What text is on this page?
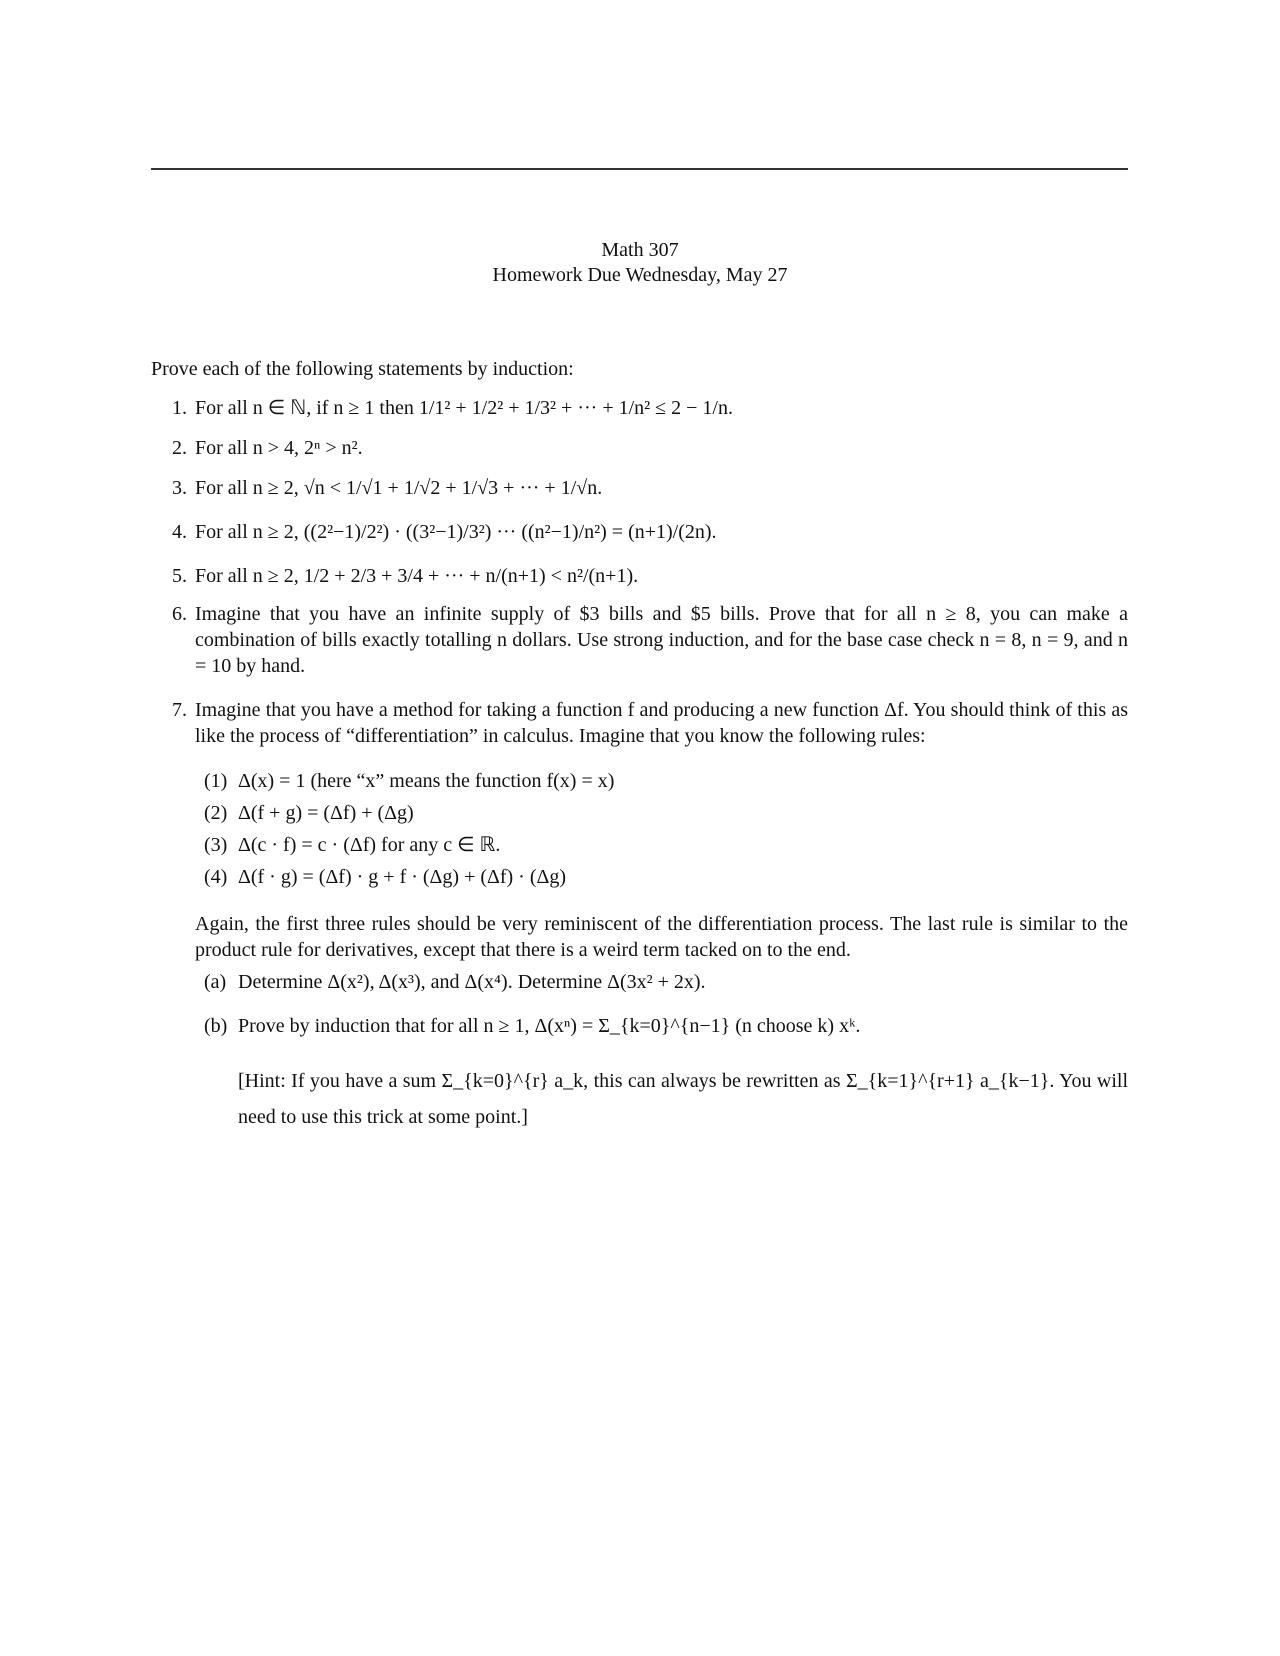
Math 307
Homework Due Wednesday, May 27
Prove each of the following statements by induction:
1. For all n ∈ ℕ, if n ≥ 1 then 1/1² + 1/2² + 1/3² + ··· + 1/n² ≤ 2 − 1/n.
2. For all n > 4, 2ⁿ > n².
3. For all n ≥ 2, √n < 1/√1 + 1/√2 + 1/√3 + ··· + 1/√n.
4. For all n ≥ 2, ((2²−1)/2²) · ((3²−1)/3²) ··· ((n²−1)/n²) = (n+1)/(2n).
5. For all n ≥ 2, 1/2 + 2/3 + 3/4 + ··· + n/(n+1) < n²/(n+1).
6. Imagine that you have an infinite supply of $3 bills and $5 bills. Prove that for all n ≥ 8, you can make a combination of bills exactly totalling n dollars. Use strong induction, and for the base case check n = 8, n = 9, and n = 10 by hand.
7. Imagine that you have a method for taking a function f and producing a new function Δf. You should think of this as like the process of “differentiation” in calculus. Imagine that you know the following rules:
(1) Δ(x) = 1 (here “x” means the function f(x) = x)
(2) Δ(f + g) = (Δf) + (Δg)
(3) Δ(c · f) = c · (Δf) for any c ∈ ℝ.
(4) Δ(f · g) = (Δf) · g + f · (Δg) + (Δf) · (Δg)
Again, the first three rules should be very reminiscent of the differentiation process. The last rule is similar to the product rule for derivatives, except that there is a weird term tacked on to the end.
(a) Determine Δ(x²), Δ(x³), and Δ(x⁴). Determine Δ(3x² + 2x).
(b) Prove by induction that for all n ≥ 1, Δ(xⁿ) = Σ_{k=0}^{n−1} (n choose k) xᵏ.
[Hint: If you have a sum Σ_{k=0}^{r} a_k, this can always be rewritten as Σ_{k=1}^{r+1} a_{k−1}. You will need to use this trick at some point.]
